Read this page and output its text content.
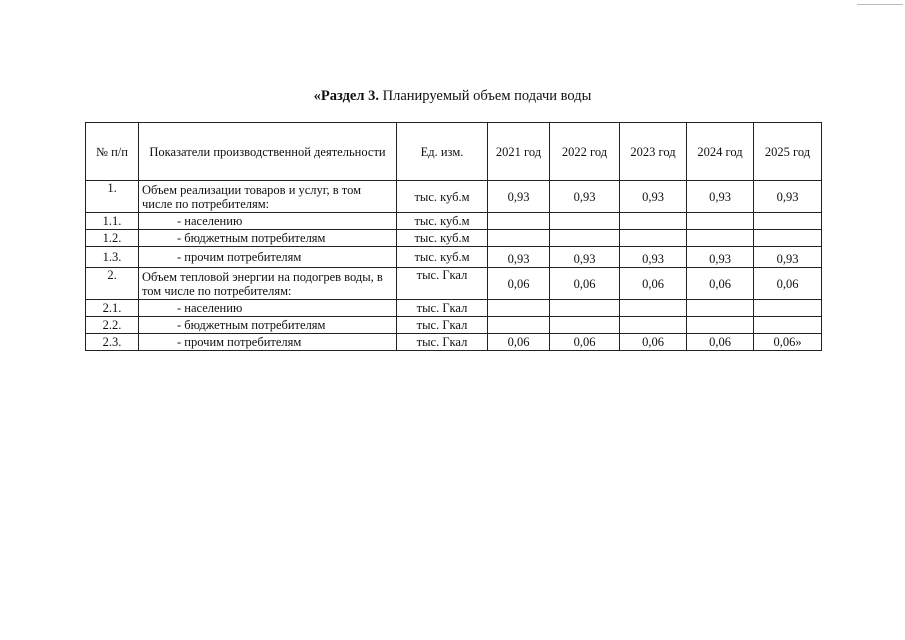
«Раздел 3. Планируемый объем подачи воды
№ п/п	Показатели производственной деятельности	Ед. изм.	2021 год	2022 год	2023 год	2024 год	2025 год
1.	Объем реализации товаров и услуг, в том числе по потребителям:	тыс. куб.м	0,93	0,93	0,93	0,93	0,93
1.1.	- населению	тыс. куб.м					
1.2.	- бюджетным потребителям	тыс. куб.м					
1.3.	- прочим потребителям	тыс. куб.м	0,93	0,93	0,93	0,93	0,93
2.	Объем тепловой энергии на подогрев воды, в том числе по потребителям:	тыс. Гкал	0,06	0,06	0,06	0,06	0,06
2.1.	- населению	тыс. Гкал					
2.2.	- бюджетным потребителям	тыс. Гкал					
2.3.	- прочим потребителям	тыс. Гкал	0,06	0,06	0,06	0,06	0,06»
